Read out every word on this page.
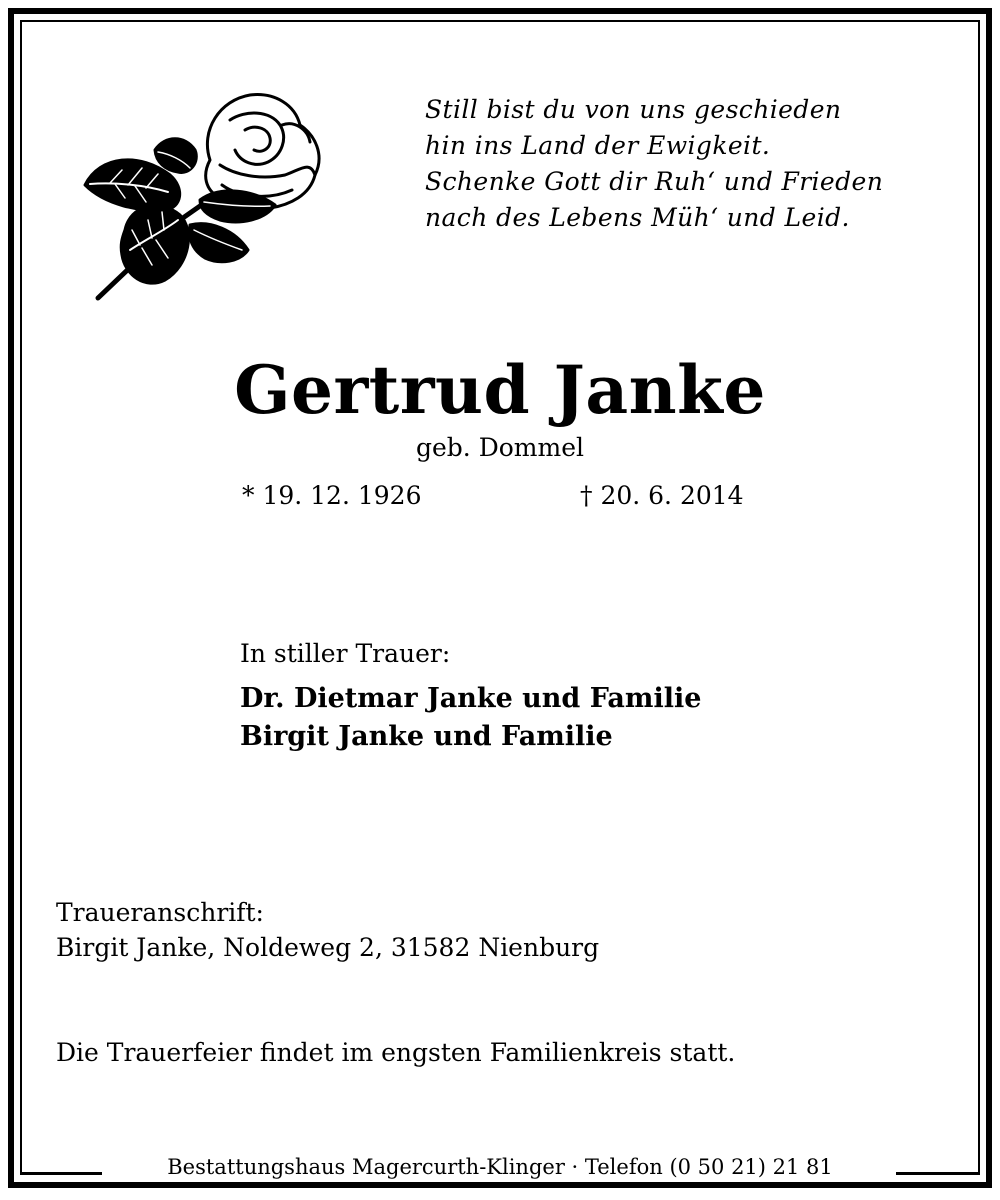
Still bist du von uns geschieden
hin ins Land der Ewigkeit.
Schenke Gott dir Ruh‘ und Frieden
nach des Lebens Müh‘ und Leid.
Gertrud Janke
geb. Dommel
* 19. 12. 1926	† 20. 6. 2014
In stiller Trauer:
Dr. Dietmar Janke und Familie
Birgit Janke und Familie
Traueranschrift:
Birgit Janke, Noldeweg 2, 31582 Nienburg
Die Trauerfeier findet im engsten Familienkreis statt.
Bestattungshaus Magercurth-Klinger · Telefon (0 50 21) 21 81
